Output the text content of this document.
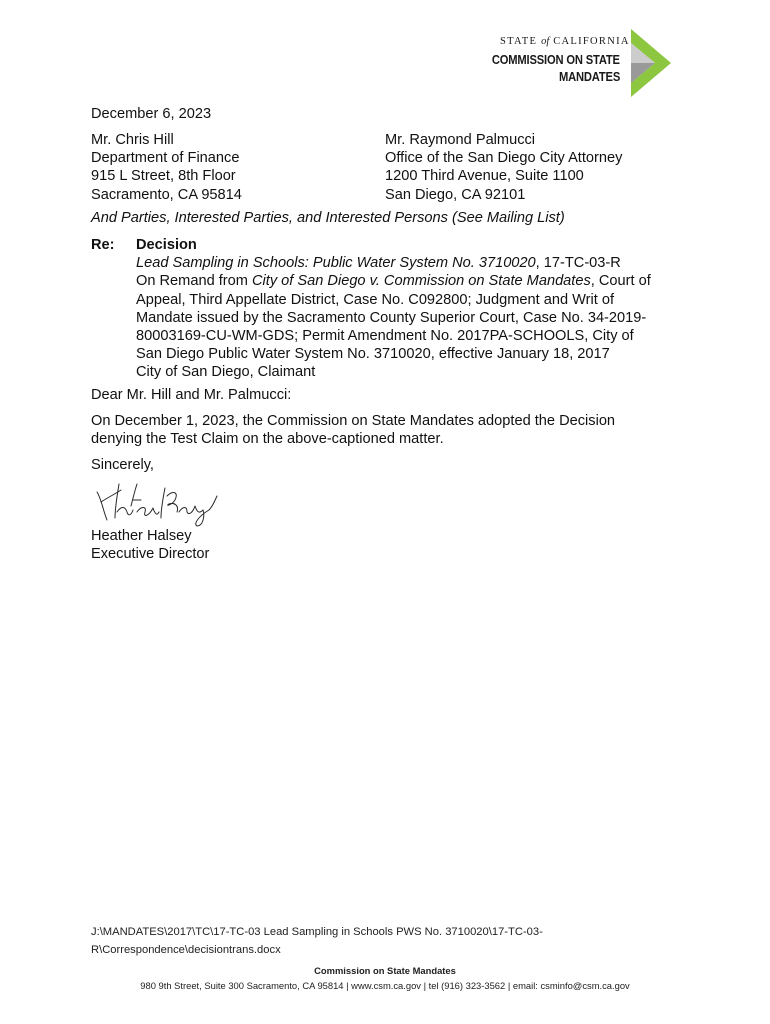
STATE of CALIFORNIA
COMMISSION ON STATE
MANDATES
December 6, 2023
Mr. Chris Hill
Department of Finance
915 L Street, 8th Floor
Sacramento, CA 95814
Mr. Raymond Palmucci
Office of the San Diego City Attorney
1200 Third Avenue, Suite 1100
San Diego, CA 92101
And Parties, Interested Parties, and Interested Persons (See Mailing List)
Re: Decision
Lead Sampling in Schools: Public Water System No. 3710020, 17-TC-03-R
On Remand from City of San Diego v. Commission on State Mandates, Court of
Appeal, Third Appellate District, Case No. C092800; Judgment and Writ of
Mandate issued by the Sacramento County Superior Court, Case No. 34-2019-
80003169-CU-WM-GDS; Permit Amendment No. 2017PA-SCHOOLS, City of
San Diego Public Water System No. 3710020, effective January 18, 2017
City of San Diego, Claimant
Dear Mr. Hill and Mr. Palmucci:
On December 1, 2023, the Commission on State Mandates adopted the Decision
denying the Test Claim on the above-captioned matter.
Sincerely,
Heather Halsey
Executive Director
J:\MANDATES\2017\TC\17-TC-03 Lead Sampling in Schools PWS No. 3710020\17-TC-03-
R\Correspondence\decisiontrans.docx
Commission on State Mandates
980 9th Street, Suite 300 Sacramento, CA 95814 | www.csm.ca.gov | tel (916) 323-3562 | email: csminfo@csm.ca.gov
